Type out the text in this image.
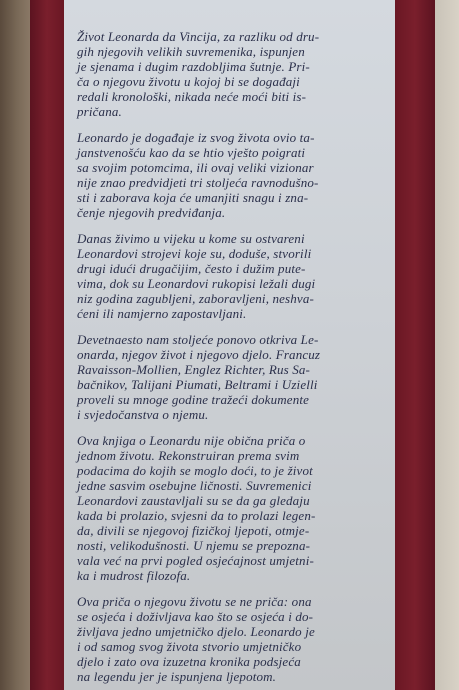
Život Leonarda da Vincija, za razliku od dru-
gih njegovih velikih suvremenika, ispunjen
je sjenama i dugim razdobljima šutnje. Pri-
ča o njegovu životu u kojoj bi se događaji
redali kronološki, nikada neće moći biti is-
pričana.

Leonardo je događaje iz svog života ovio ta-
janstvenošću kao da se htio vješto poigrati
sa svojim potomcima, ili ovaj veliki vizionar
nije znao predvidjeti tri stoljeća ravnodušno-
sti i zaborava koja će umanjiti snagu i zna-
čenje njegovih predviđanja.

Danas živimo u vijeku u kome su ostvareni
Leonardovi strojevi koje su, doduše, stvorili
drugi idući drugačijim, često i dužim pute-
vima, dok su Leonardovi rukopisi ležali dugi
niz godina zagubljeni, zaboravljeni, neshva-
ćeni ili namjerno zapostavljani.

Devetnaesto nam stoljeće ponovo otkriva Le-
onarda, njegov život i njegovo djelo. Francuz
Ravaisson-Mollien, Englez Richter, Rus Sa-
bačnikov, Talijani Piumati, Beltrami i Uzielli
proveli su mnoge godine tražeći dokumente
i svjedočanstva o njemu.

Ova knjiga o Leonardu nije obična priča o
jednom životu. Rekonstruiran prema svim
podacima do kojih se moglo doći, to je život
jedne sasvim osebujne ličnosti. Suvremenici
Leonardovi zaustavljali su se da ga gledaju
kada bi prolazio, svjesni da to prolazi legen-
da, divili se njegovoj fizičkoj ljepoti, otmje-
nosti, velikodušnosti. U njemu se prepozna-
vala već na prvi pogled osjećajnost umjetni-
ka i mudrost filozofa.

Ova priča o njegovu životu se ne priča: ona
se osjeća i doživljava kao što se osjeća i do-
življava jedno umjetničko djelo. Leonardo je
i od samog svog života stvorio umjetničko
djelo i zato ova izuzetna kronika podsjeća
na legendu jer je ispunjena ljepotom.
